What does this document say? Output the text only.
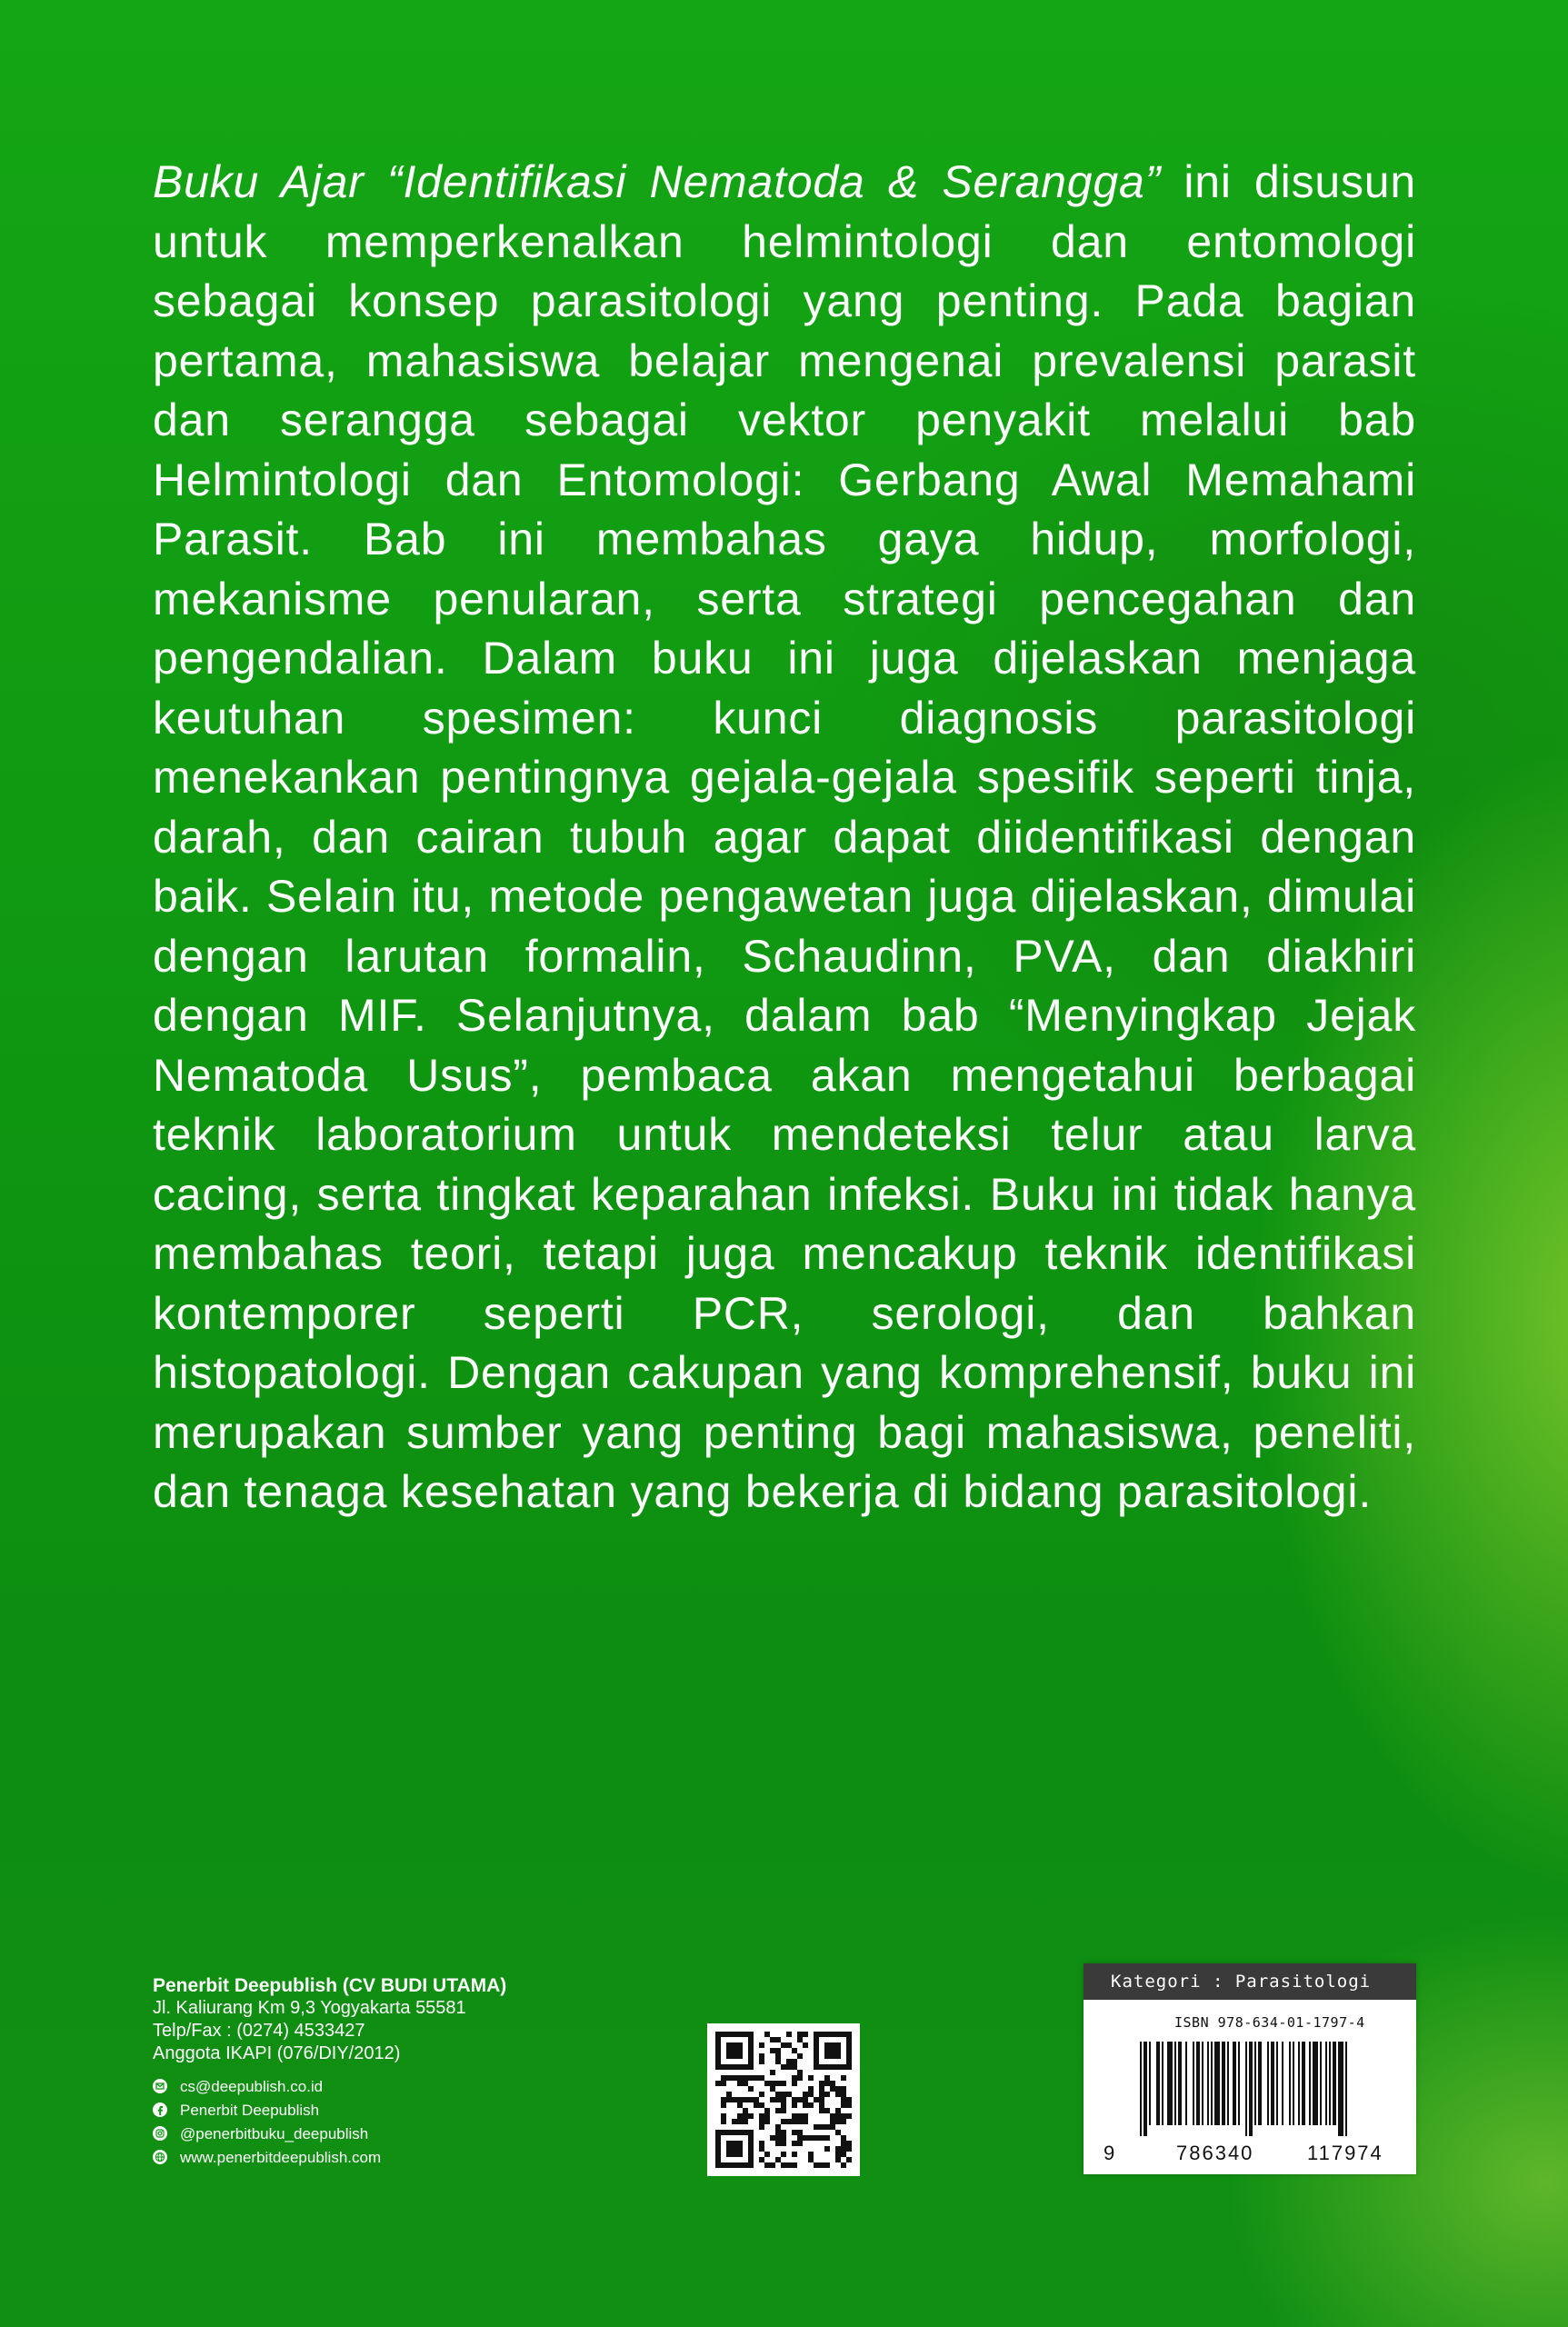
Buku Ajar “Identifikasi Nematoda & Serangga” ini disusun untuk memperkenalkan helmintologi dan entomologi sebagai konsep parasitologi yang penting. Pada bagian pertama, mahasiswa belajar mengenai prevalensi parasit dan serangga sebagai vektor penyakit melalui bab Helmintologi dan Entomologi: Gerbang Awal Memahami Parasit. Bab ini membahas gaya hidup, morfologi, mekanisme penularan, serta strategi pencegahan dan pengendalian. Dalam buku ini juga dijelaskan menjaga keutuhan spesimen: kunci diagnosis parasitologi menekankan pentingnya gejala-gejala spesifik seperti tinja, darah, dan cairan tubuh agar dapat diidentifikasi dengan baik. Selain itu, metode pengawetan juga dijelaskan, dimulai dengan larutan formalin, Schaudinn, PVA, dan diakhiri dengan MIF. Selanjutnya, dalam bab “Menyingkap Jejak Nematoda Usus”, pembaca akan mengetahui berbagai teknik laboratorium untuk mendeteksi telur atau larva cacing, serta tingkat keparahan infeksi. Buku ini tidak hanya membahas teori, tetapi juga mencakup teknik identifikasi kontemporer seperti PCR, serologi, dan bahkan histopatologi. Dengan cakupan yang komprehensif, buku ini merupakan sumber yang penting bagi mahasiswa, peneliti, dan tenaga kesehatan yang bekerja di bidang parasitologi.
Penerbit Deepublish (CV BUDI UTAMA)
Jl. Kaliurang Km 9,3 Yogyakarta 55581
Telp/Fax : (0274) 4533427
Anggota IKAPI (076/DIY/2012)
cs@deepublish.co.id
Penerbit Deepublish
@penerbitbuku_deepublish
www.penerbitdeepublish.com
Kategori : Parasitologi
ISBN 978-634-01-1797-4
9	786340	117974
